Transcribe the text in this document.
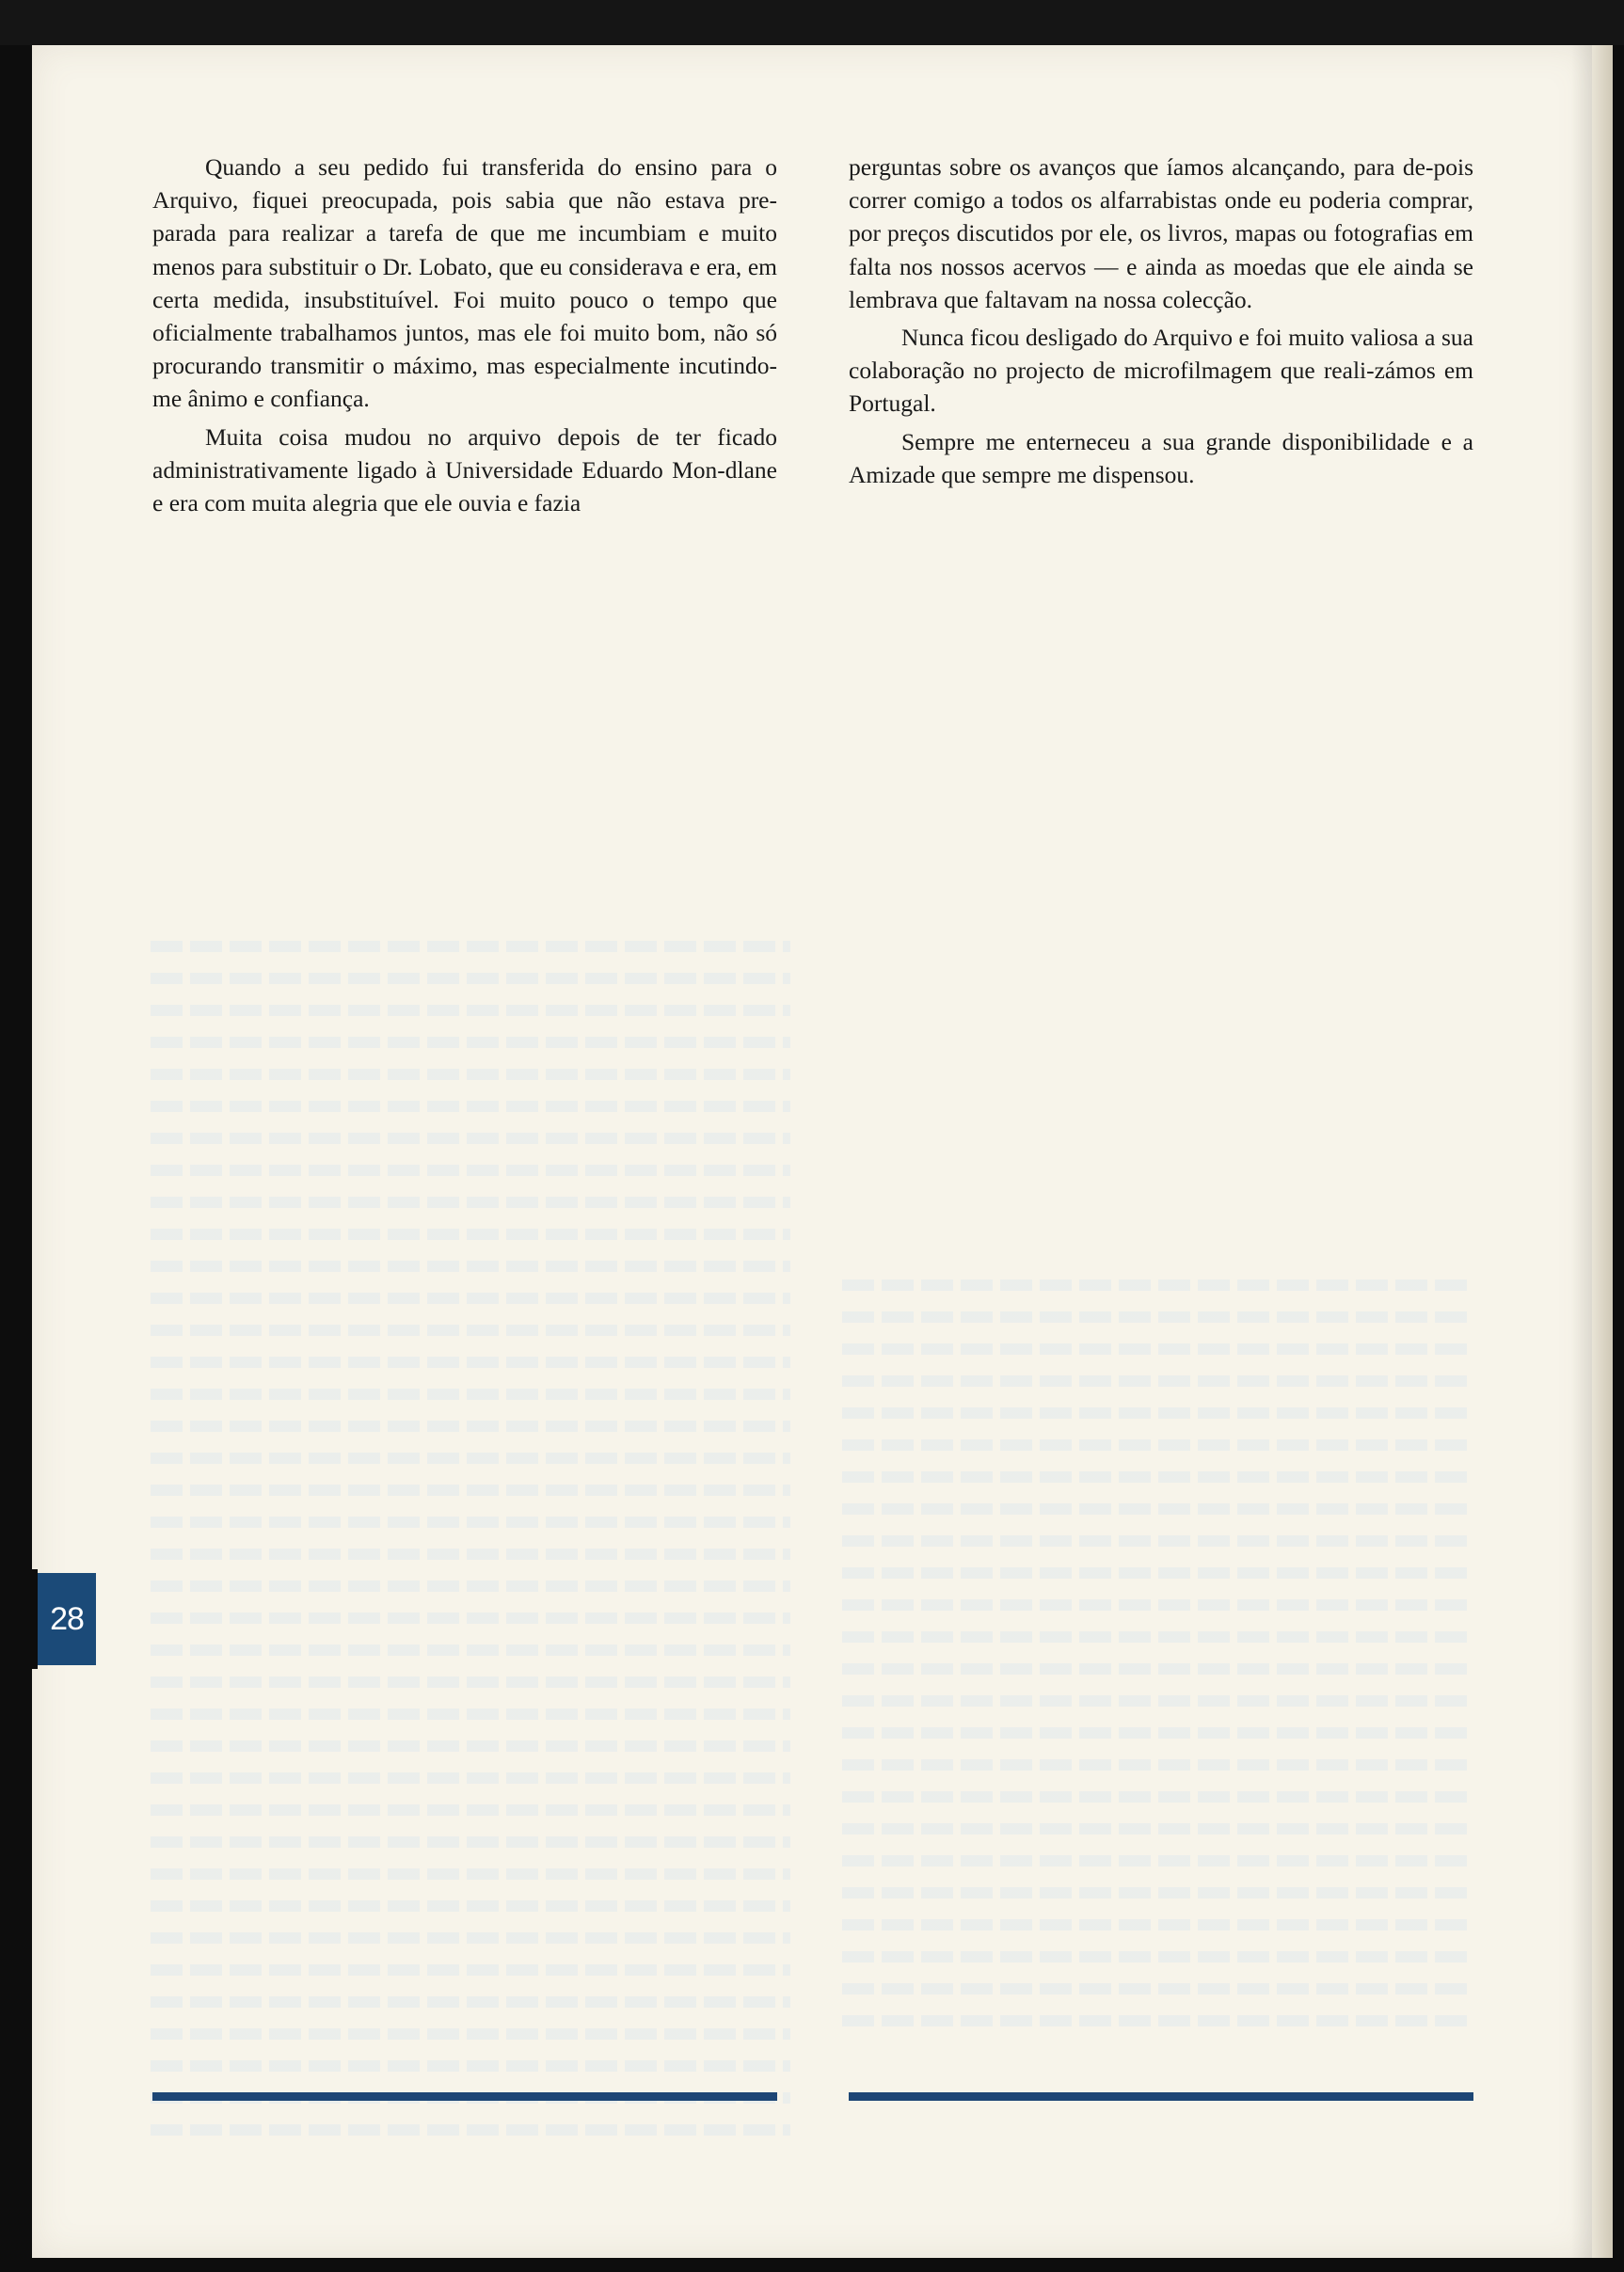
Quando a seu pedido fui transferida do ensino para o Arquivo, fiquei preocupada, pois sabia que não estava pre-parada para realizar a tarefa de que me incumbiam e muito menos para substituir o Dr. Lobato, que eu considerava e era, em certa medida, insubstituível. Foi muito pouco o tempo que oficialmente trabalhamos juntos, mas ele foi muito bom, não só procurando transmitir o máximo, mas especialmente incutindo-me ânimo e confiança.

Muita coisa mudou no arquivo depois de ter ficado administrativamente ligado à Universidade Eduardo Mon-dlane e era com muita alegria que ele ouvia e fazia

perguntas sobre os avanços que íamos alcançando, para de-pois correr comigo a todos os alfarrabistas onde eu poderia comprar, por preços discutidos por ele, os livros, mapas ou fotografias em falta nos nossos acervos — e ainda as moedas que ele ainda se lembrava que faltavam na nossa colecção.

Nunca ficou desligado do Arquivo e foi muito valiosa a sua colaboração no projecto de microfilmagem que reali-zámos em Portugal.

Sempre me enterneceu a sua grande disponibilidade e a Amizade que sempre me dispensou.

28
